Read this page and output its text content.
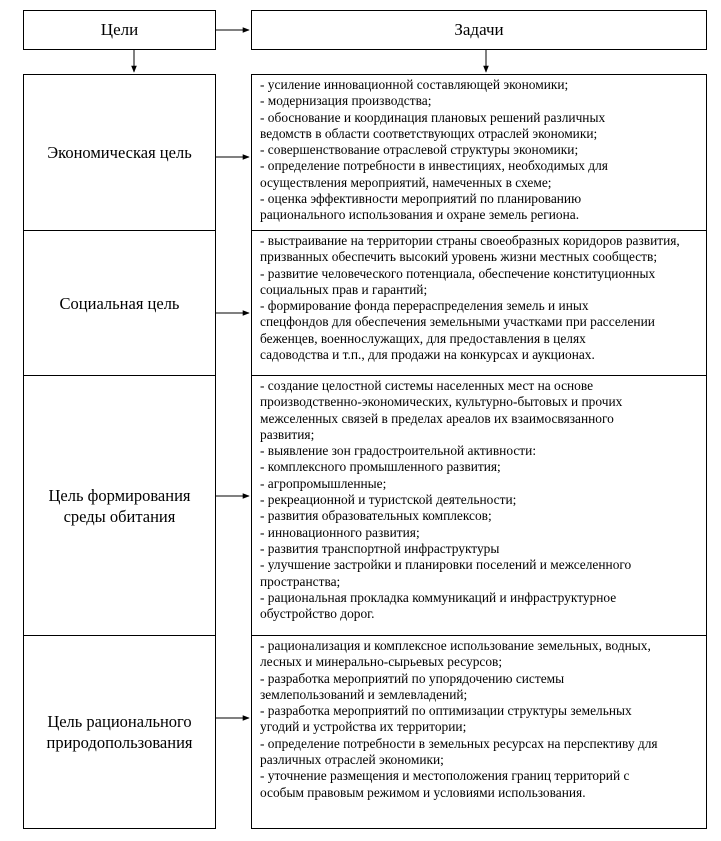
Цели	Задачи
Экономическая цель
Социальная цель
Цель формирования
среды обитания
Цель рационального
природопользования
- усиление инновационной составляющей экономики;
- модернизация производства;
- обоснование и координация плановых решений различных
ведомств в области соответствующих отраслей экономики;
- совершенствование отраслевой структуры экономики;
- определение потребности в инвестициях, необходимых для
осуществления мероприятий, намеченных в схеме;
- оценка эффективности мероприятий по планированию
рационального использования и охране земель региона.
- выстраивание на территории страны своеобразных коридоров развития,
призванных обеспечить высокий уровень жизни местных сообществ;
- развитие человеческого потенциала, обеспечение конституционных
социальных прав и гарантий;
- формирование фонда перераспределения земель и иных
спецфондов для обеспечения земельными участками при расселении
беженцев, военнослужащих, для предоставления в целях
садоводства и т.п., для продажи на конкурсах и аукционах.
- создание целостной системы населенных мест на основе
производственно-экономических, культурно-бытовых и прочих
межселенных связей в пределах ареалов их взаимосвязанного
развития;
- выявление зон градостроительной активности:
- комплексного промышленного развития;
- агропромышленные;
- рекреационной и туристской деятельности;
- развития образовательных комплексов;
- инновационного развития;
- развития транспортной инфраструктуры
- улучшение застройки и планировки поселений и межселенного
пространства;
- рациональная прокладка коммуникаций и инфраструктурное
обустройство дорог.
- рационализация и комплексное использование земельных, водных,
лесных и минерально-сырьевых ресурсов;
- разработка мероприятий по упорядочению системы
землепользований и землевладений;
- разработка мероприятий по оптимизации структуры земельных
угодий и устройства их территории;
- определение потребности в земельных ресурсах на перспективу для
различных отраслей экономики;
- уточнение размещения и местоположения границ территорий с
особым правовым режимом и условиями использования.
